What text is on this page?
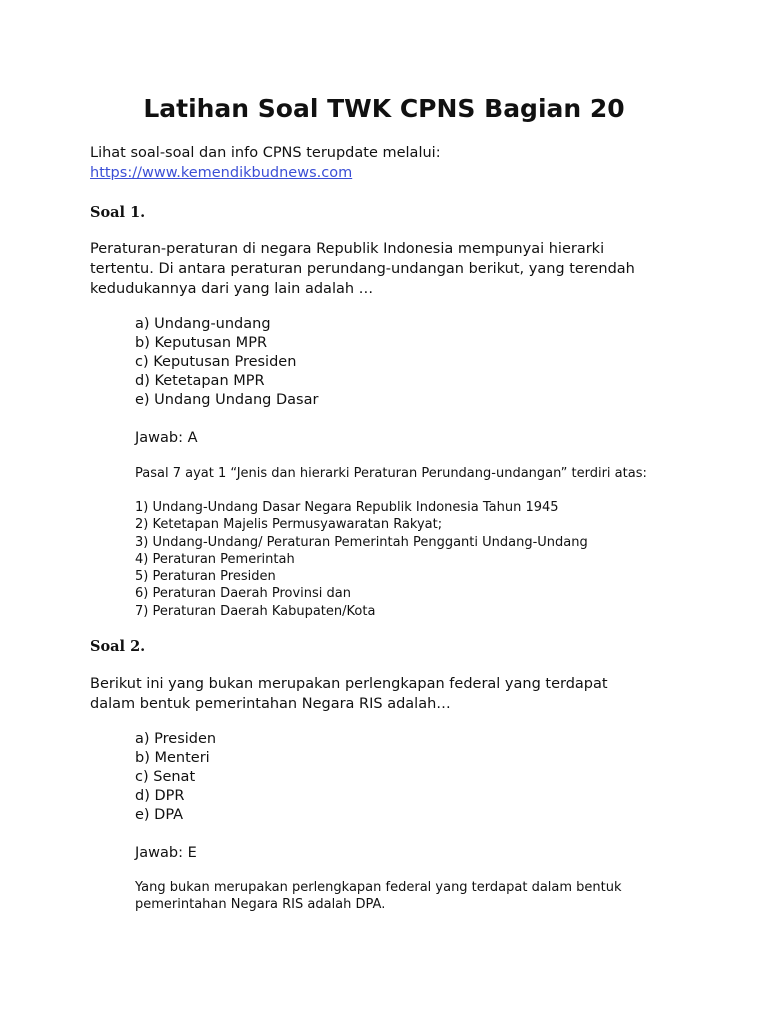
Latihan Soal TWK CPNS Bagian 20
Lihat soal-soal dan info CPNS terupdate melalui:
https://www.kemendikbudnews.com

Soal 1.

Peraturan-peraturan di negara Republik Indonesia mempunyai hierarki tertentu. Di antara peraturan perundang-undangan berikut, yang terendah kedudukannya dari yang lain adalah …

a) Undang-undang
b) Keputusan MPR
c) Keputusan Presiden
d) Ketetapan MPR
e) Undang Undang Dasar

Jawab: A

Pasal 7 ayat 1 “Jenis dan hierarki Peraturan Perundang-undangan” terdiri atas:

1) Undang-Undang Dasar Negara Republik Indonesia Tahun 1945
2) Ketetapan Majelis Permusyawaratan Rakyat;
3) Undang-Undang/ Peraturan Pemerintah Pengganti Undang-Undang
4) Peraturan Pemerintah
5) Peraturan Presiden
6) Peraturan Daerah Provinsi dan
7) Peraturan Daerah Kabupaten/Kota

Soal 2.

Berikut ini yang bukan merupakan perlengkapan federal yang terdapat dalam bentuk pemerintahan Negara RIS adalah…

a) Presiden
b) Menteri
c) Senat
d) DPR
e) DPA

Jawab: E

Yang bukan merupakan perlengkapan federal yang terdapat dalam bentuk pemerintahan Negara RIS adalah DPA.
